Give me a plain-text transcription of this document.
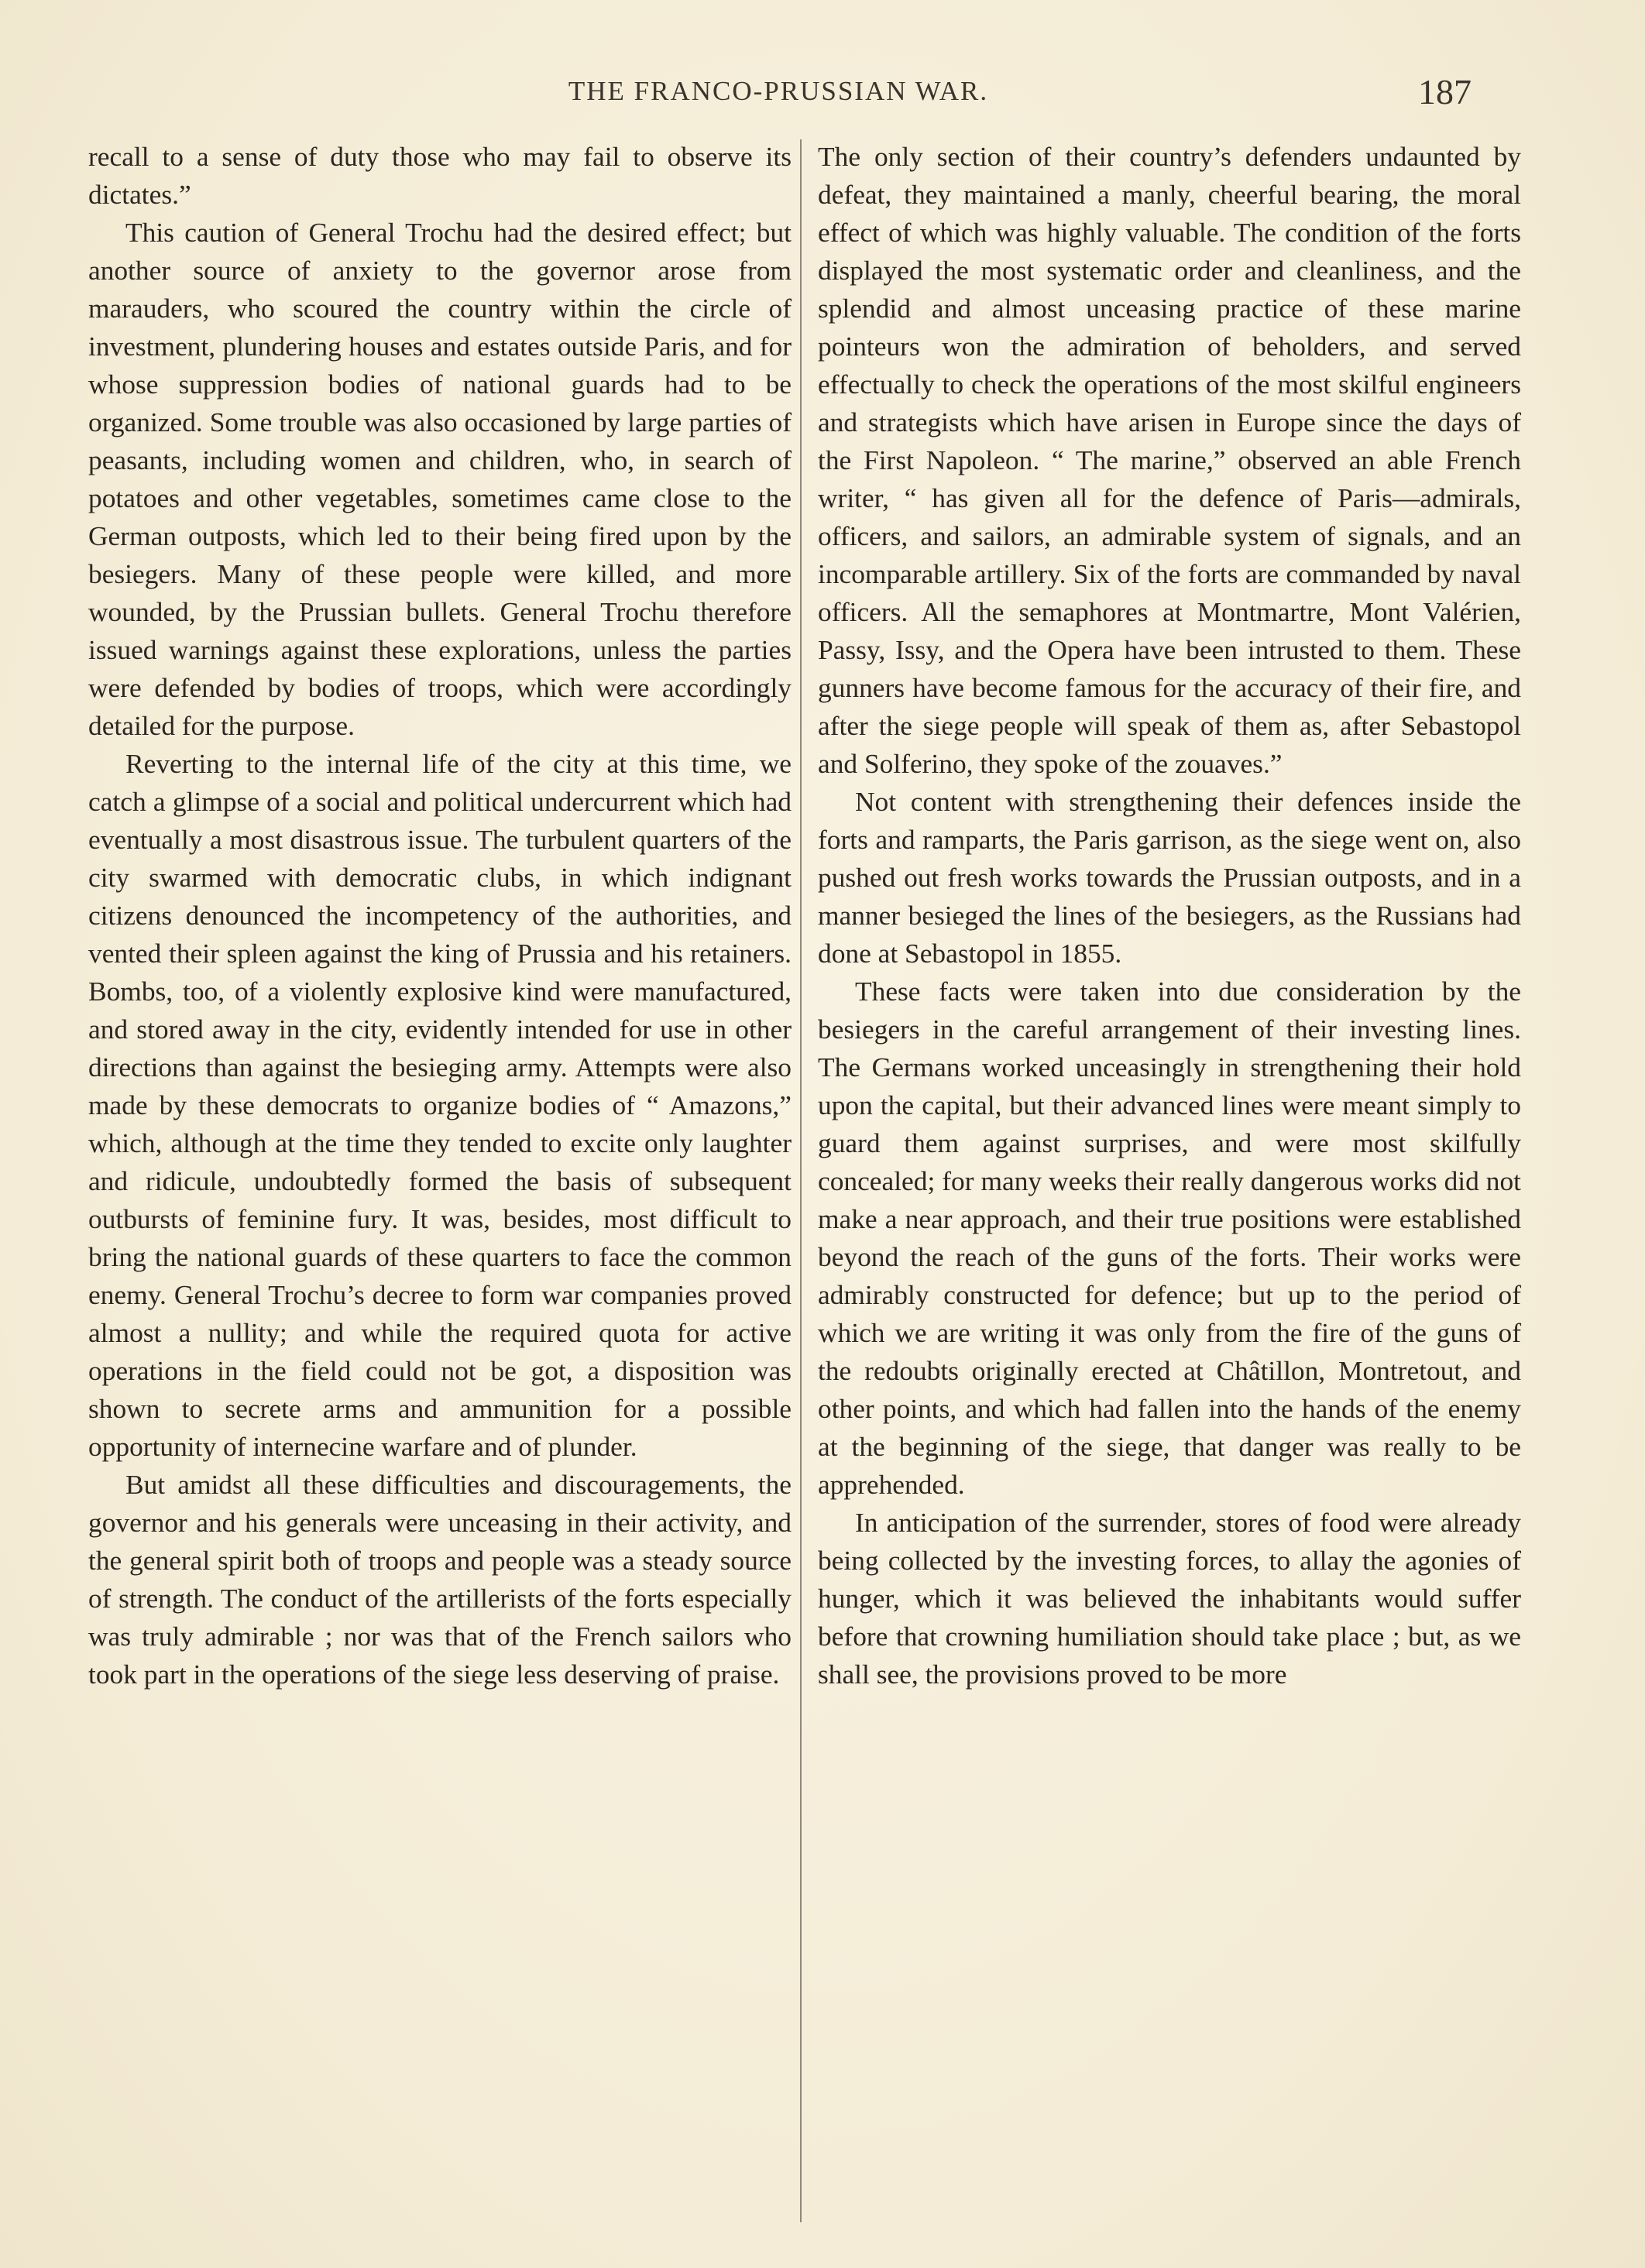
THE FRANCO-PRUSSIAN WAR.	187

recall to a sense of duty those who may fail to observe its dictates.”

This caution of General Trochu had the desired effect; but another source of anxiety to the governor arose from marauders, who scoured the country within the circle of investment, plundering houses and estates outside Paris, and for whose suppression bodies of national guards had to be organized. Some trouble was also occasioned by large parties of peasants, including women and children, who, in search of potatoes and other vegetables, sometimes came close to the German outposts, which led to their being fired upon by the besiegers. Many of these people were killed, and more wounded, by the Prussian bullets. General Trochu therefore issued warnings against these explorations, unless the parties were defended by bodies of troops, which were accordingly detailed for the purpose.

Reverting to the internal life of the city at this time, we catch a glimpse of a social and political undercurrent which had eventually a most disastrous issue. The turbulent quarters of the city swarmed with democratic clubs, in which indignant citizens denounced the incompetency of the authorities, and vented their spleen against the king of Prussia and his retainers. Bombs, too, of a violently explosive kind were manufactured, and stored away in the city, evidently intended for use in other directions than against the besieging army. Attempts were also made by these democrats to organize bodies of “ Amazons,” which, although at the time they tended to excite only laughter and ridicule, undoubtedly formed the basis of subsequent outbursts of feminine fury. It was, besides, most difficult to bring the national guards of these quarters to face the common enemy. General Trochu’s decree to form war companies proved almost a nullity; and while the required quota for active operations in the field could not be got, a disposition was shown to secrete arms and ammunition for a possible opportunity of internecine warfare and of plunder.

But amidst all these difficulties and discouragements, the governor and his generals were unceasing in their activity, and the general spirit both of troops and people was a steady source of strength. The conduct of the artillerists of the forts especially was truly admirable ; nor was that of the French sailors who took part in the operations of the siege less deserving of praise.

The only section of their country’s defenders undaunted by defeat, they maintained a manly, cheerful bearing, the moral effect of which was highly valuable. The condition of the forts displayed the most systematic order and cleanliness, and the splendid and almost unceasing practice of these marine pointeurs won the admiration of beholders, and served effectually to check the operations of the most skilful engineers and strategists which have arisen in Europe since the days of the First Napoleon. “ The marine,” observed an able French writer, “ has given all for the defence of Paris—admirals, officers, and sailors, an admirable system of signals, and an incomparable artillery. Six of the forts are commanded by naval officers. All the semaphores at Montmartre, Mont Valérien, Passy, Issy, and the Opera have been intrusted to them. These gunners have become famous for the accuracy of their fire, and after the siege people will speak of them as, after Sebastopol and Solferino, they spoke of the zouaves.”

Not content with strengthening their defences inside the forts and ramparts, the Paris garrison, as the siege went on, also pushed out fresh works towards the Prussian outposts, and in a manner besieged the lines of the besiegers, as the Russians had done at Sebastopol in 1855.

These facts were taken into due consideration by the besiegers in the careful arrangement of their investing lines. The Germans worked unceasingly in strengthening their hold upon the capital, but their advanced lines were meant simply to guard them against surprises, and were most skilfully concealed; for many weeks their really dangerous works did not make a near approach, and their true positions were established beyond the reach of the guns of the forts. Their works were admirably constructed for defence; but up to the period of which we are writing it was only from the fire of the guns of the redoubts originally erected at Châtillon, Montretout, and other points, and which had fallen into the hands of the enemy at the beginning of the siege, that danger was really to be apprehended.

In anticipation of the surrender, stores of food were already being collected by the investing forces, to allay the agonies of hunger, which it was believed the inhabitants would suffer before that crowning humiliation should take place ; but, as we shall see, the provisions proved to be more
